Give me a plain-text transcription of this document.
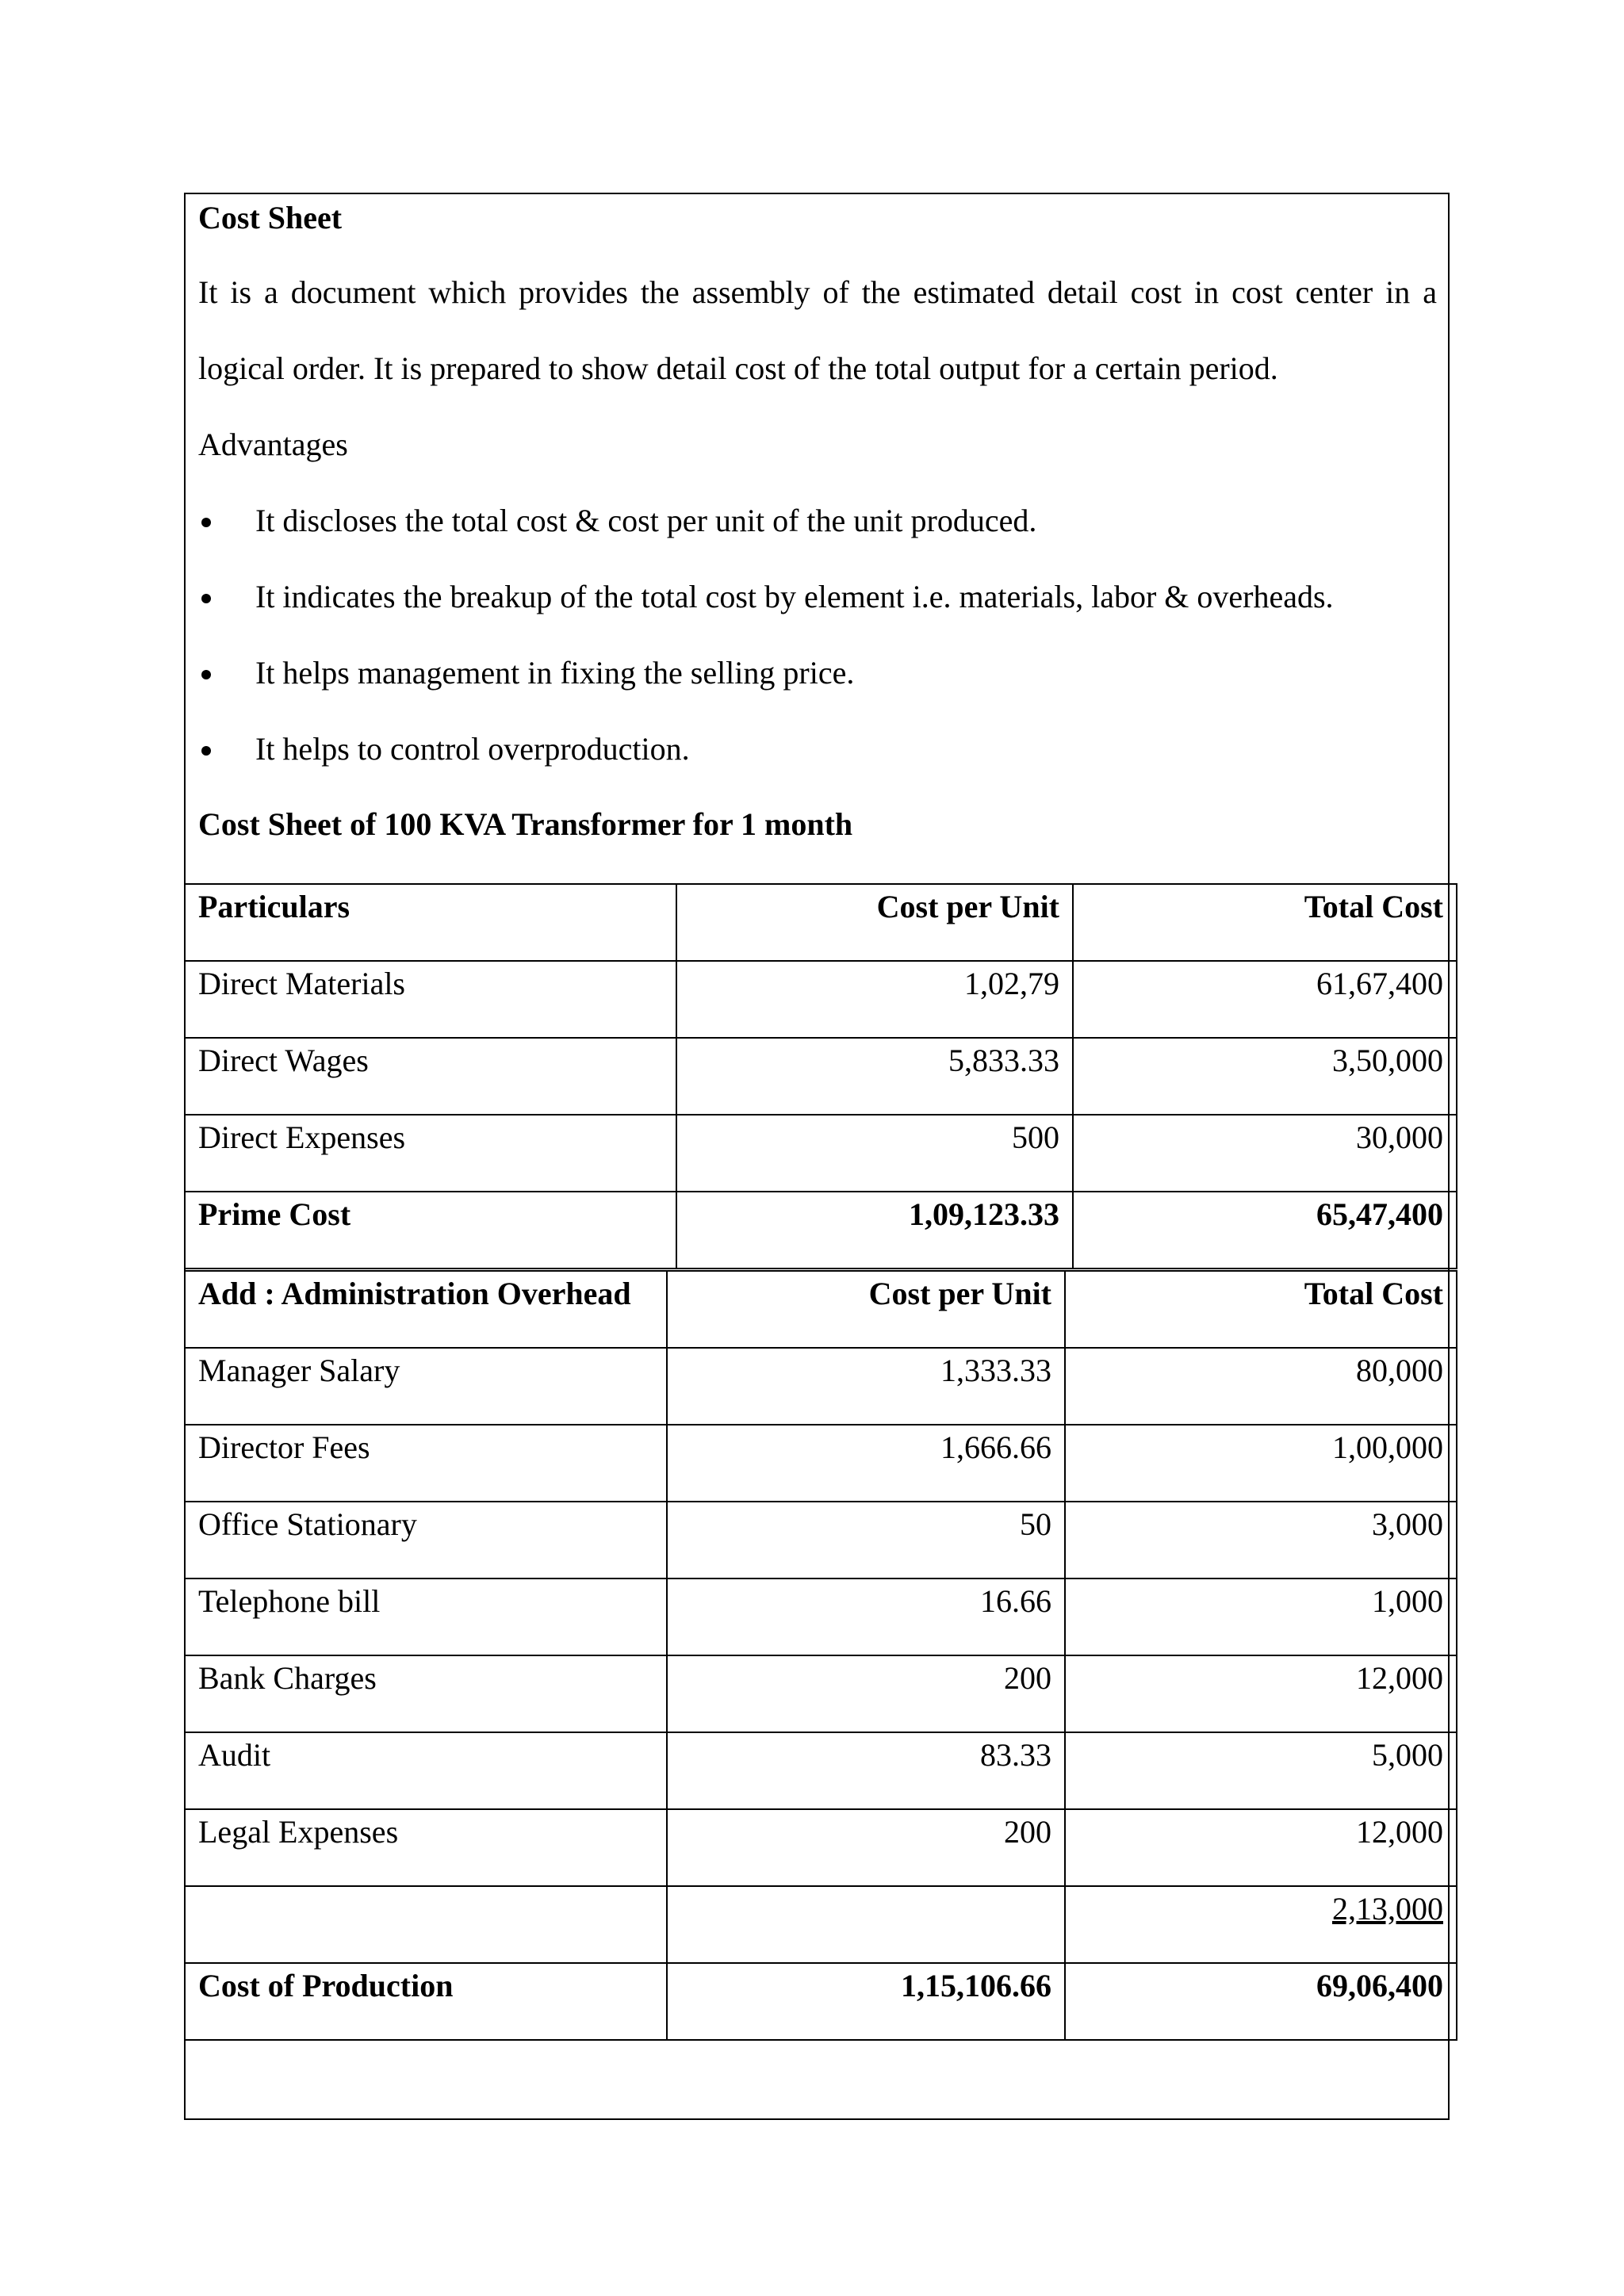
Cost Sheet
It is a document which provides the assembly of the estimated detail cost in cost center in a
logical order. It is prepared to show detail cost of the total output for a certain period.
Advantages
It discloses the total cost & cost per unit of the unit produced.
It indicates the breakup of the total cost by element i.e. materials, labor & overheads.
It helps management in fixing the selling price.
It helps to control overproduction.
Cost Sheet of 100 KVA Transformer for 1 month
Particulars	Cost per Unit	Total Cost
Direct Materials	1,02,79	61,67,400
Direct Wages	5,833.33	3,50,000
Direct Expenses	500	30,000
Prime Cost	1,09,123.33	65,47,400
Add : Administration Overhead	Cost per Unit	Total Cost
Manager Salary	1,333.33	80,000
Director Fees	1,666.66	1,00,000
Office Stationary	50	3,000
Telephone bill	16.66	1,000
Bank Charges	200	12,000
Audit	83.33	5,000
Legal Expenses	200	12,000
		2,13,000
Cost of Production	1,15,106.66	69,06,400
